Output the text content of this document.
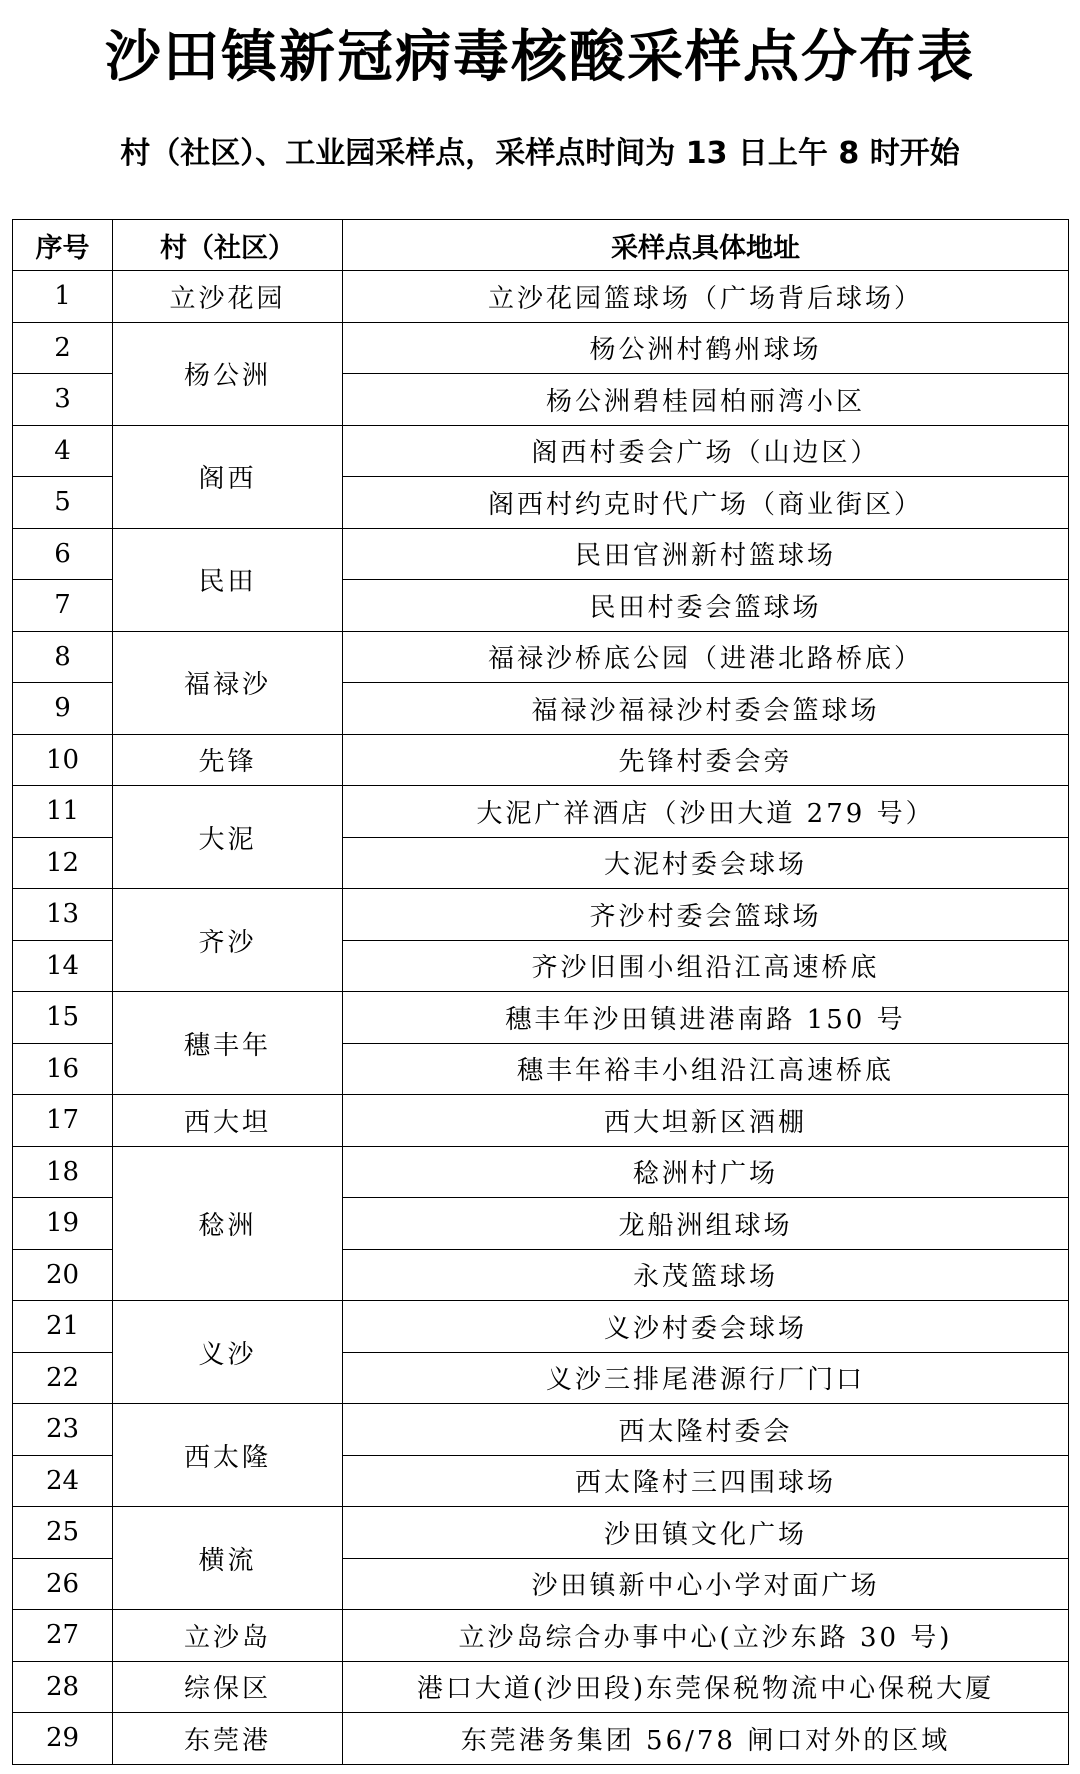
沙田镇新冠病毒核酸采样点分布表
村（社区）、工业园采样点，采样点时间为 13 日上午 8 时开始
序号	村（社区）	采样点具体地址
1	立沙花园	立沙花园篮球场（广场背后球场）
2	杨公洲	杨公洲村鹤州球场
3		杨公洲碧桂园柏丽湾小区
4	阁西	阁西村委会广场（山边区）
5		阁西村约克时代广场（商业街区）
6	民田	民田官洲新村篮球场
7		民田村委会篮球场
8	福禄沙	福禄沙桥底公园（进港北路桥底）
9		福禄沙福禄沙村委会篮球场
10	先锋	先锋村委会旁
11	大泥	大泥广祥酒店（沙田大道 279 号）
12		大泥村委会球场
13	齐沙	齐沙村委会篮球场
14		齐沙旧围小组沿江高速桥底
15	穗丰年	穗丰年沙田镇进港南路 150 号
16		穗丰年裕丰小组沿江高速桥底
17	西大坦	西大坦新区酒棚
18	稔洲	稔洲村广场
19		龙船洲组球场
20		永茂篮球场
21	义沙	义沙村委会球场
22		义沙三排尾港源行厂门口
23	西太隆	西太隆村委会
24		西太隆村三四围球场
25	横流	沙田镇文化广场
26		沙田镇新中心小学对面广场
27	立沙岛	立沙岛综合办事中心(立沙东路 30 号)
28	综保区	港口大道(沙田段)东莞保税物流中心保税大厦
29	东莞港	东莞港务集团 56/78 闸口对外的区域
